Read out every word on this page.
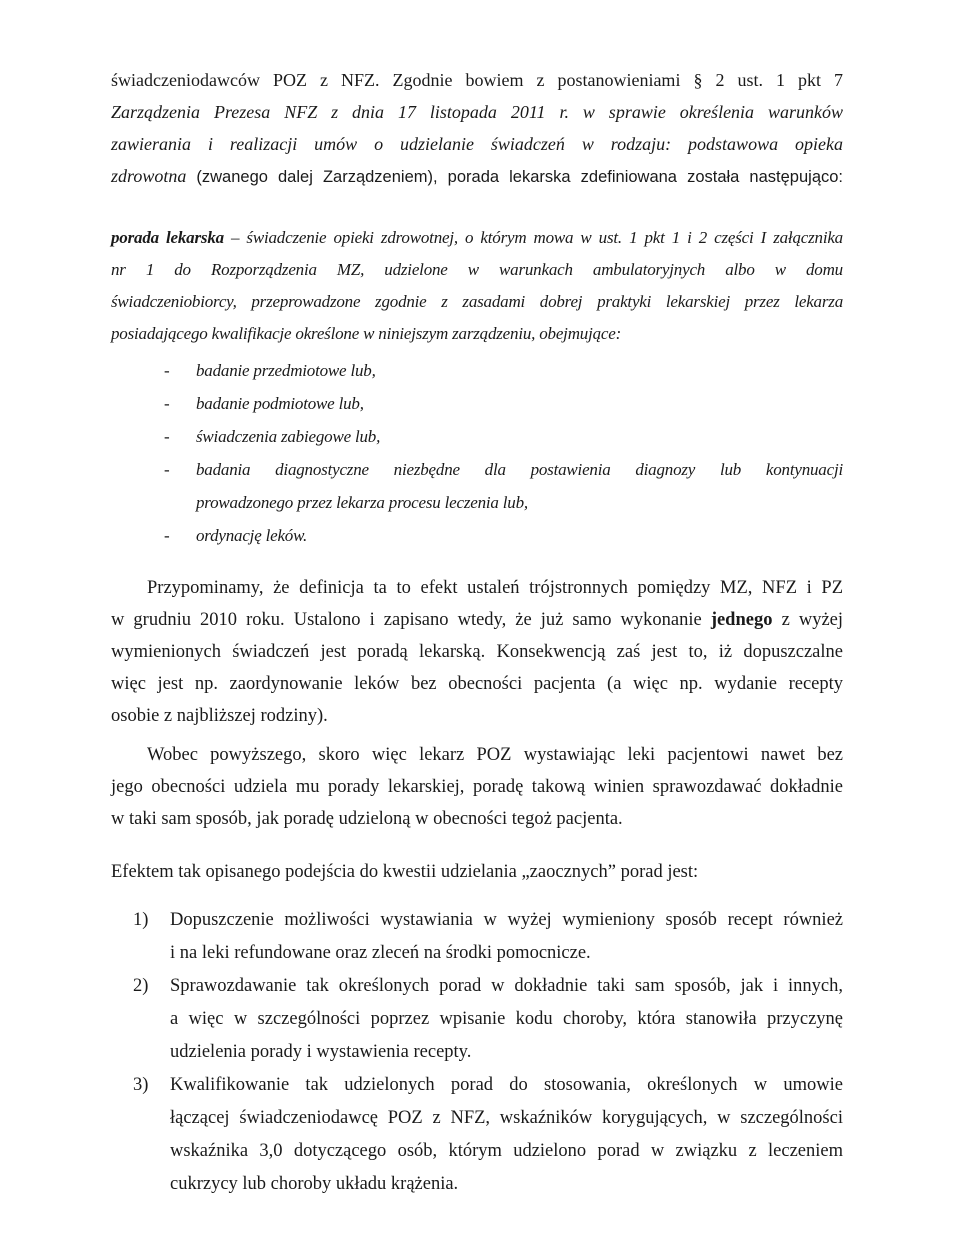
świadczeniodawców POZ z NFZ. Zgodnie bowiem z postanowieniami § 2 ust. 1 pkt 7
Zarządzenia Prezesa NFZ z dnia 17 listopada 2011 r. w sprawie określenia warunków
zawierania i realizacji umów o udzielanie świadczeń w rodzaju: podstawowa opieka
zdrowotna (zwanego dalej Zarządzeniem), porada lekarska zdefiniowana została następująco:
porada lekarska – świadczenie opieki zdrowotnej, o którym mowa w ust. 1 pkt 1 i 2 części I załącznika
nr 1 do Rozporządzenia MZ, udzielone w warunkach ambulatoryjnych albo w domu
świadczeniobiorcy, przeprowadzone zgodnie z zasadami dobrej praktyki lekarskiej przez lekarza
posiadającego kwalifikacje określone w niniejszym zarządzeniu, obejmujące:
- badanie przedmiotowe lub,
- badanie podmiotowe lub,
- świadczenia zabiegowe lub,
- badania diagnostyczne niezbędne dla postawienia diagnozy lub kontynuacji
prowadzonego przez lekarza procesu leczenia lub,
- ordynację leków.
Przypominamy, że definicja ta to efekt ustaleń trójstronnych pomiędzy MZ, NFZ i PZ
w grudniu 2010 roku. Ustalono i zapisano wtedy, że już samo wykonanie jednego z wyżej
wymienionych świadczeń jest poradą lekarską. Konsekwencją zaś jest to, iż dopuszczalne
więc jest np. zaordynowanie leków bez obecności pacjenta (a więc np. wydanie recepty
osobie z najbliższej rodziny).
Wobec powyższego, skoro więc lekarz POZ wystawiając leki pacjentowi nawet bez
jego obecności udziela mu porady lekarskiej, poradę takową winien sprawozdawać dokładnie
w taki sam sposób, jak poradę udzieloną w obecności tegoż pacjenta.
Efektem tak opisanego podejścia do kwestii udzielania „zaocznych” porad jest:
1) Dopuszczenie możliwości wystawiania w wyżej wymieniony sposób recept również
i na leki refundowane oraz zleceń na środki pomocnicze.
2) Sprawozdawanie tak określonych porad w dokładnie taki sam sposób, jak i innych,
a więc w szczególności poprzez wpisanie kodu choroby, która stanowiła przyczynę
udzielenia porady i wystawienia recepty.
3) Kwalifikowanie tak udzielonych porad do stosowania, określonych w umowie
łączącej świadczeniodawcę POZ z NFZ, wskaźników korygujących, w szczególności
wskaźnika 3,0 dotyczącego osób, którym udzielono porad w związku z leczeniem
cukrzycy lub choroby układu krążenia.
